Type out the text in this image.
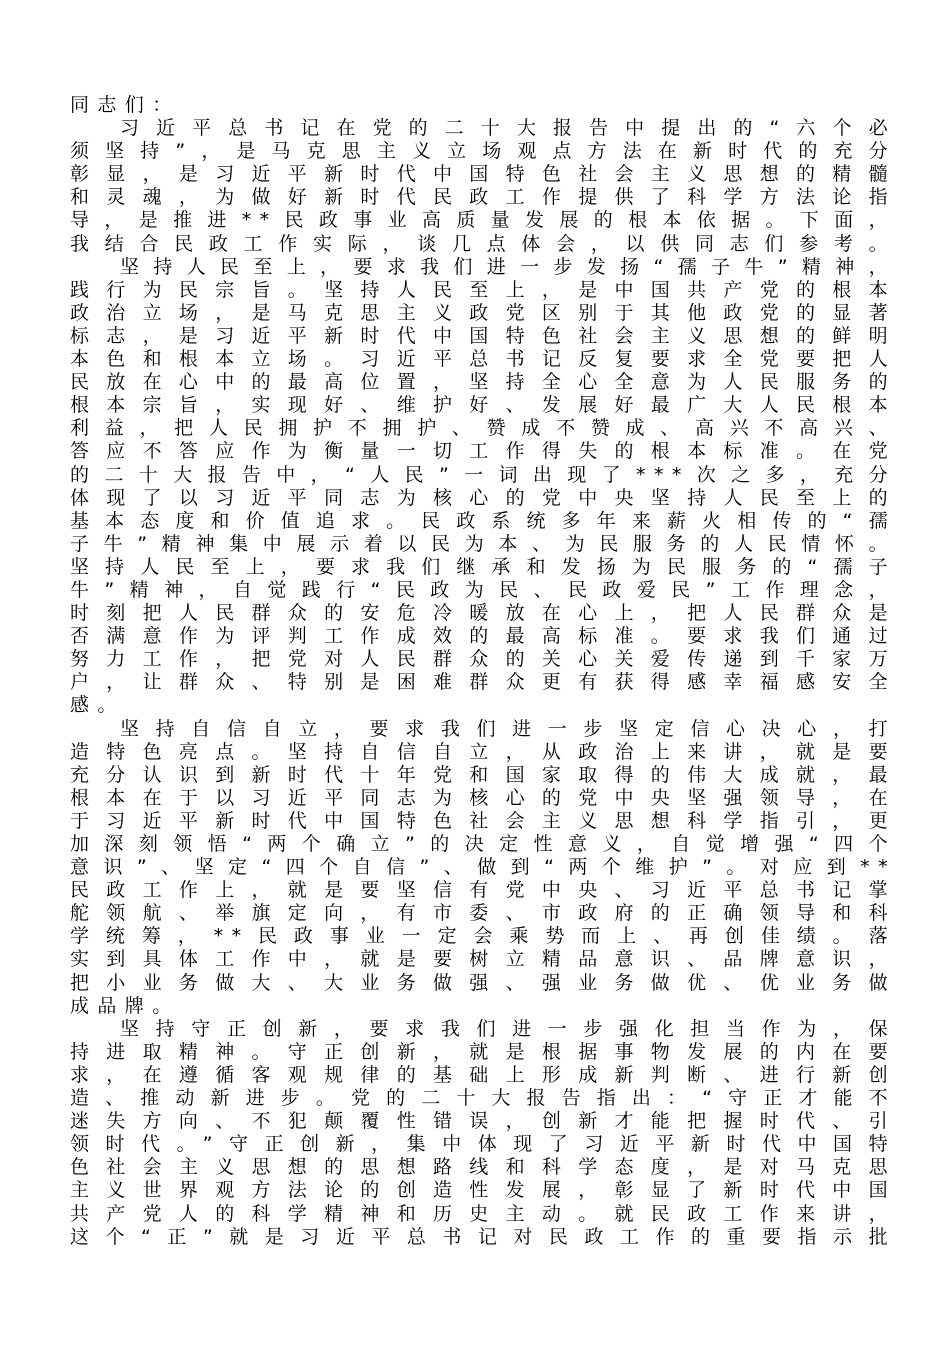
同志们：
习近平总书记在党的二十大报告中提出的“六个必
须坚持”，是马克思主义立场观点方法在新时代的充分
彰显，是习近平新时代中国特色社会主义思想的精髓
和灵魂，为做好新时代民政工作提供了科学方法论指
导，是推进**民政事业高质量发展的根本依据。下面，
我结合民政工作实际，谈几点体会，以供同志们参考。
坚持人民至上，要求我们进一步发扬“孺子牛”精神，
践行为民宗旨。坚持人民至上，是中国共产党的根本
政治立场，是马克思主义政党区别于其他政党的显著
标志，是习近平新时代中国特色社会主义思想的鲜明
本色和根本立场。习近平总书记反复要求全党要把人
民放在心中的最高位置，坚持全心全意为人民服务的
根本宗旨，实现好、维护好、发展好最广大人民根本
利益，把人民拥护不拥护、赞成不赞成、高兴不高兴、
答应不答应作为衡量一切工作得失的根本标准。在党
的二十大报告中，“人民”一词出现了***次之多，充分
体现了以习近平同志为核心的党中央坚持人民至上的
基本态度和价值追求。民政系统多年来薪火相传的“孺
子牛”精神集中展示着以民为本、为民服务的人民情怀。
坚持人民至上，要求我们继承和发扬为民服务的“孺子
牛”精神，自觉践行“民政为民、民政爱民”工作理念，
时刻把人民群众的安危冷暖放在心上，把人民群众是
否满意作为评判工作成效的最高标准。要求我们通过
努力工作，把党对人民群众的关心关爱传递到千家万
户，让群众、特别是困难群众更有获得感幸福感安全
感。
坚持自信自立，要求我们进一步坚定信心决心，打
造特色亮点。坚持自信自立，从政治上来讲，就是要
充分认识到新时代十年党和国家取得的伟大成就，最
根本在于以习近平同志为核心的党中央坚强领导，在
于习近平新时代中国特色社会主义思想科学指引，更
加深刻领悟“两个确立”的决定性意义，自觉增强“四个
意识”、坚定“四个自信”、做到“两个维护”。对应到**
民政工作上，就是要坚信有党中央、习近平总书记掌
舵领航、举旗定向，有市委、市政府的正确领导和科
学统筹，**民政事业一定会乘势而上、再创佳绩。落
实到具体工作中，就是要树立精品意识、品牌意识，
把小业务做大、大业务做强、强业务做优、优业务做
成品牌。
坚持守正创新，要求我们进一步强化担当作为，保
持进取精神。守正创新，就是根据事物发展的内在要
求，在遵循客观规律的基础上形成新判断、进行新创
造、推动新进步。党的二十大报告指出：“守正才能不
迷失方向、不犯颠覆性错误，创新才能把握时代、引
领时代。”守正创新，集中体现了习近平新时代中国特
色社会主义思想的思想路线和科学态度，是对马克思
主义世界观方法论的创造性发展，彰显了新时代中国
共产党人的科学精神和历史主动。就民政工作来讲，
这个“正”就是习近平总书记对民政工作的重要指示批
